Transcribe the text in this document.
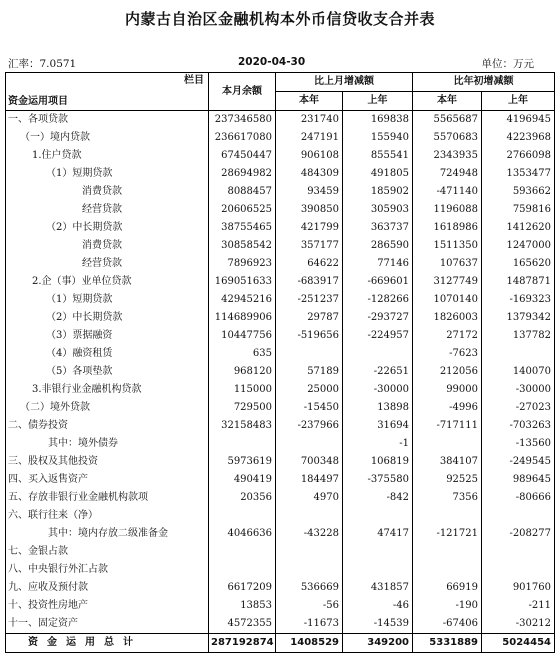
内蒙古自治区金融机构本外币信贷收支合并表
汇率：7.0571	2020-04-30	单位：万元
栏目
资金运用项目	本月余额	比上月增减额		比年初增减额	
		本年	上年	本年	上年
一、各项贷款	237346580	231740	169838	5565687	4196945
（一）境内贷款	236617080	247191	155940	5570683	4223968
1.住户贷款	67450447	906108	855541	2343935	2766098
（1）短期贷款	28694982	484309	491805	724948	1353477
消费贷款	8088457	93459	185902	-471140	593662
经营贷款	20606525	390850	305903	1196088	759816
（2）中长期贷款	38755465	421799	363737	1618986	1412620
消费贷款	30858542	357177	286590	1511350	1247000
经营贷款	7896923	64622	77146	107637	165620
2.企（事）业单位贷款	169051633	-683917	-669601	3127749	1487871
（1）短期贷款	42945216	-251237	-128266	1070140	-169323
（2）中长期贷款	114689906	29787	-293727	1826003	1379342
（3）票据融资	10447756	-519656	-224957	27172	137782
（4）融资租赁	635			-7623	
（5）各项垫款	968120	57189	-22651	212056	140070
3.非银行业金融机构贷款	115000	25000	-30000	99000	-30000
（二）境外贷款	729500	-15450	13898	-4996	-27023
二、债券投资	32158483	-237966	31694	-717111	-703263
其中：境外债券			-1		-13560
三、股权及其他投资	5973619	700348	106819	384107	-249545
四、买入返售资产	490419	184497	-375580	92525	989645
五、存放非银行业金融机构款项	20356	4970	-842	7356	-80666
六、联行往来（净）					
其中：境内存放二级准备金	4046636	-43228	47417	-121721	-208277
七、金银占款					
八、中央银行外汇占款					
九、应收及预付款	6617209	536669	431857	66919	901760
十、投资性房地产	13853	-56	-46	-190	-211
十一、固定资产	4572355	-11673	-14539	-67406	-30212
资金运用总计	287192874	1408529	349200	5331889	5024454
